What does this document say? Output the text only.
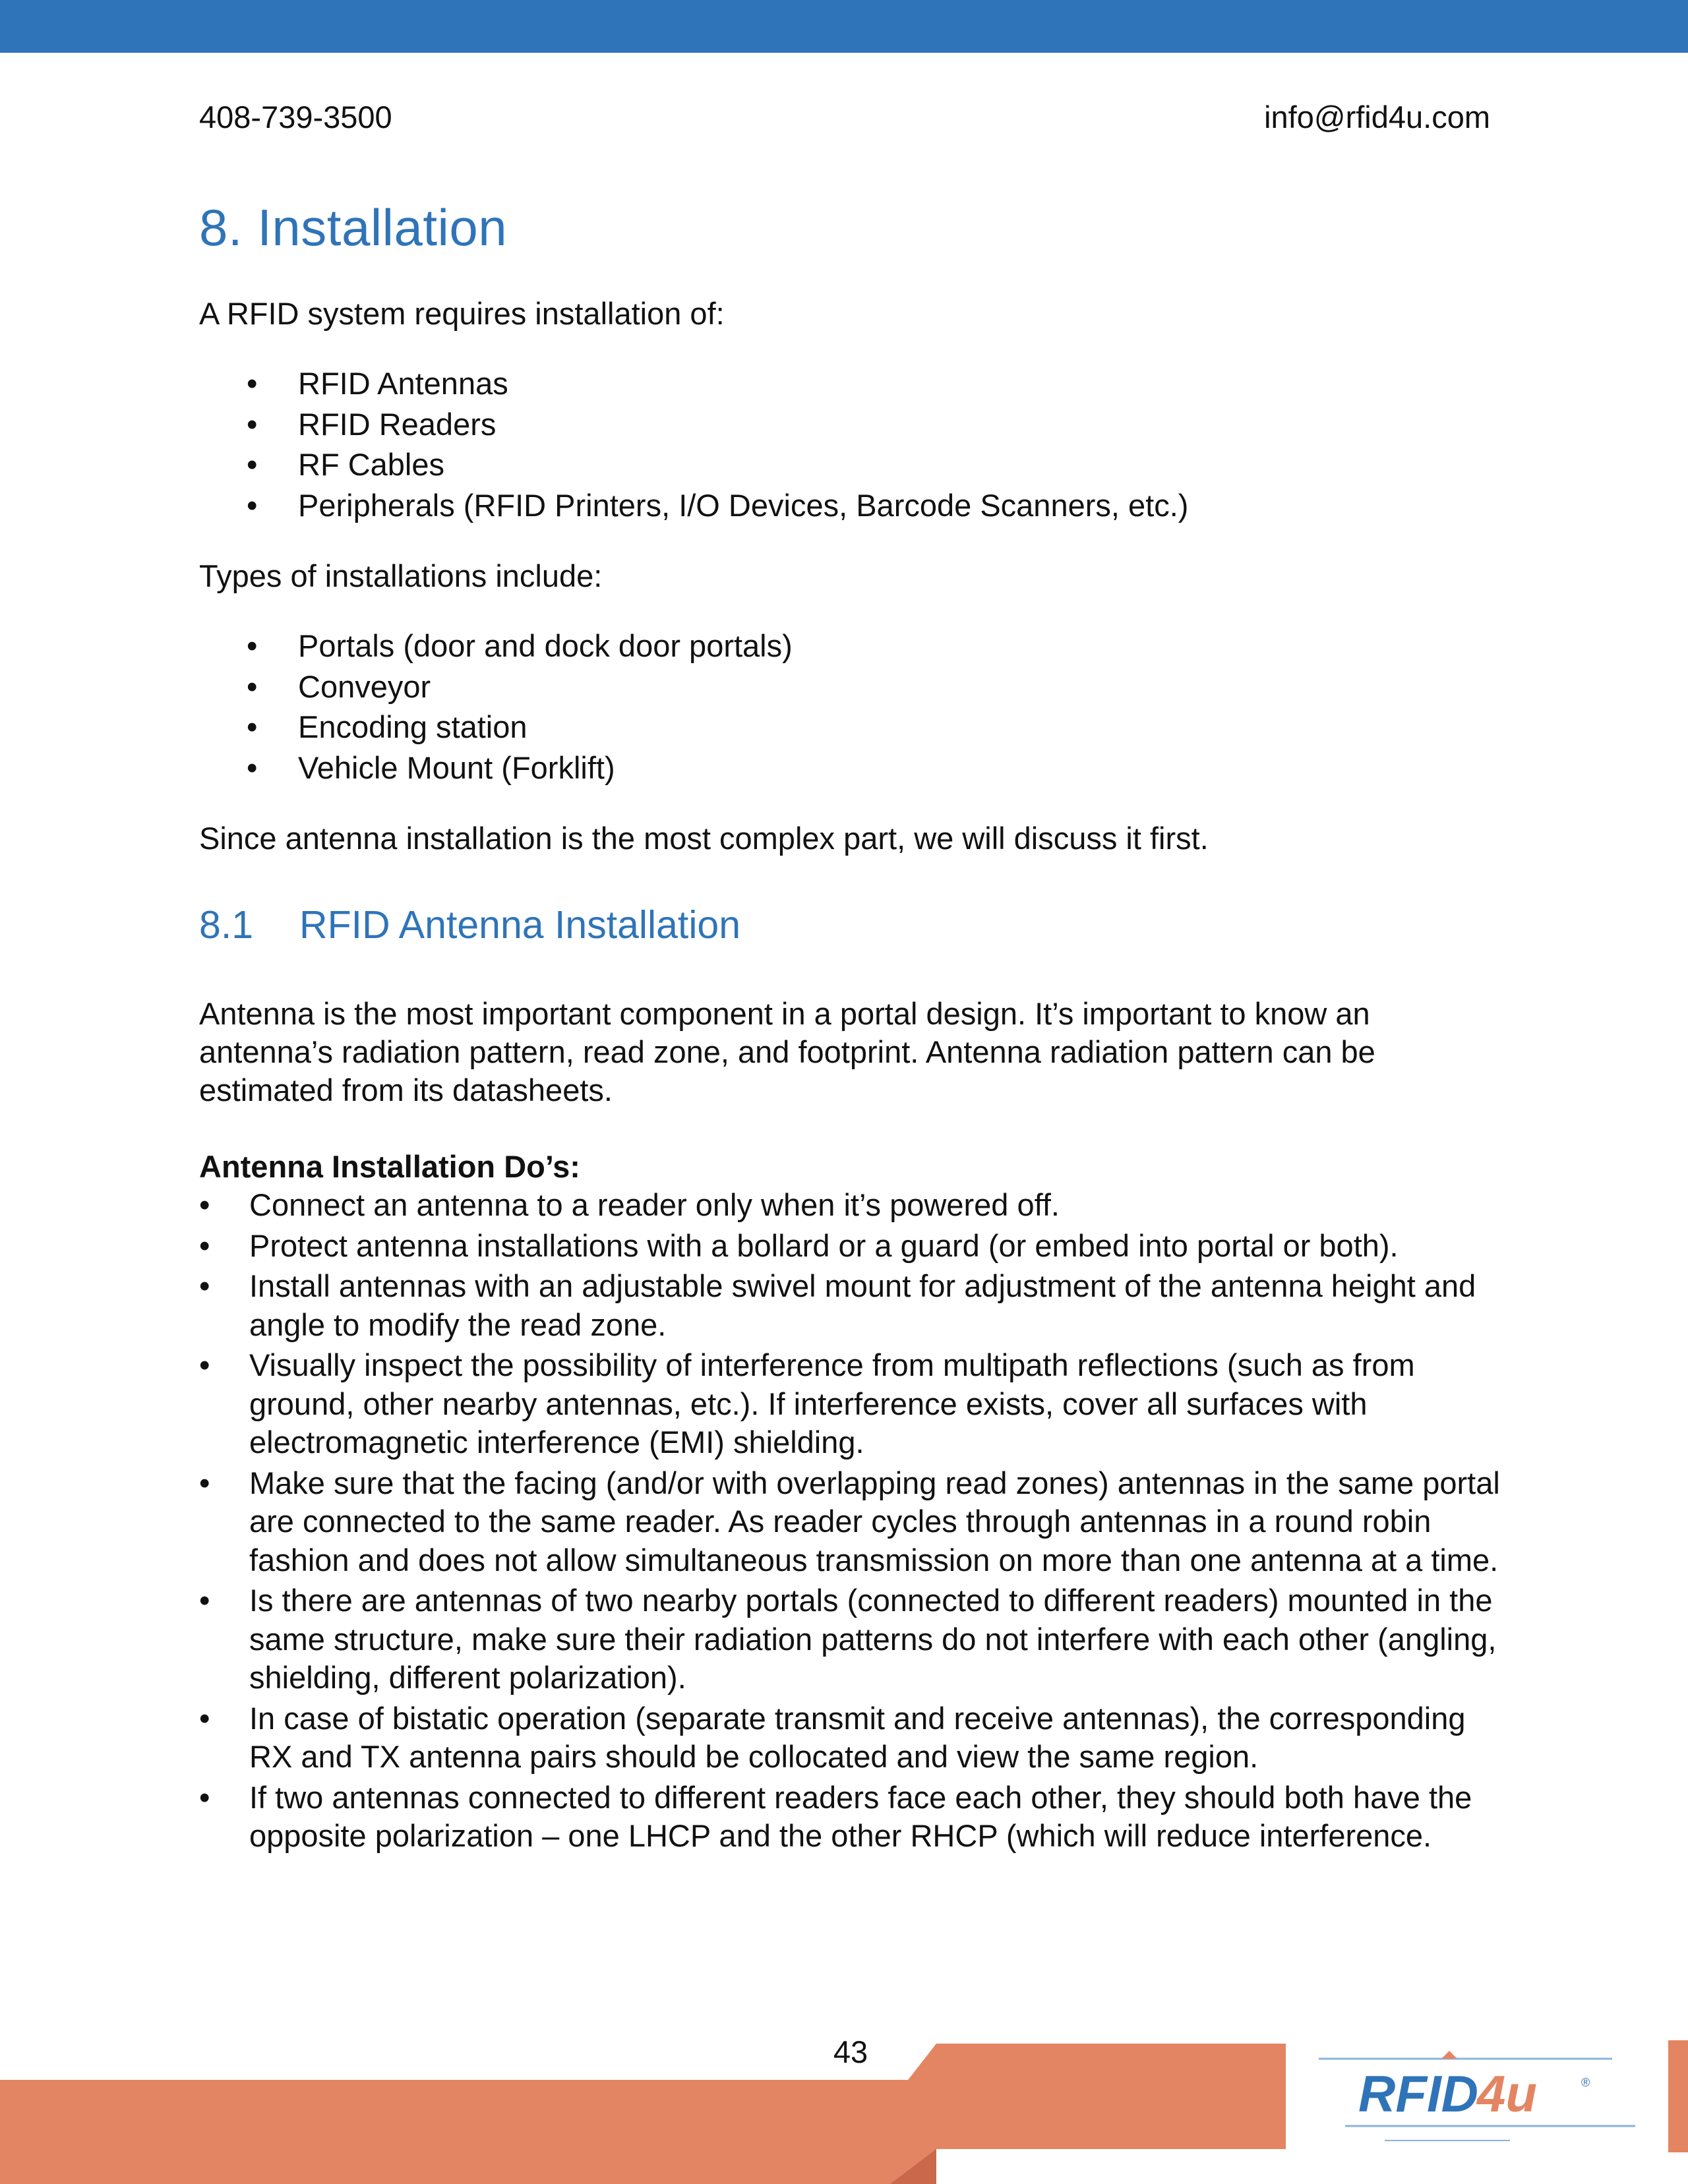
408-739-3500	info@rfid4u.com
8. Installation

A RFID system requires installation of:

• RFID Antennas
• RFID Readers
• RF Cables
• Peripherals (RFID Printers, I/O Devices, Barcode Scanners, etc.)

Types of installations include:

• Portals (door and dock door portals)
• Conveyor
• Encoding station
• Vehicle Mount (Forklift)

Since antenna installation is the most complex part, we will discuss it first.

8.1 RFID Antenna Installation

Antenna is the most important component in a portal design. It’s important to know an antenna’s radiation pattern, read zone, and footprint. Antenna radiation pattern can be estimated from its datasheets.

Antenna Installation Do’s:

• Connect an antenna to a reader only when it’s powered off.
• Protect antenna installations with a bollard or a guard (or embed into portal or both).
• Install antennas with an adjustable swivel mount for adjustment of the antenna height and angle to modify the read zone.
• Visually inspect the possibility of interference from multipath reflections (such as from ground, other nearby antennas, etc.). If interference exists, cover all surfaces with electromagnetic interference (EMI) shielding.
• Make sure that the facing (and/or with overlapping read zones) antennas in the same portal are connected to the same reader. As reader cycles through antennas in a round robin fashion and does not allow simultaneous transmission on more than one antenna at a time.
• Is there are antennas of two nearby portals (connected to different readers) mounted in the same structure, make sure their radiation patterns do not interfere with each other (angling, shielding, different polarization).
• In case of bistatic operation (separate transmit and receive antennas), the corresponding RX and TX antenna pairs should be collocated and view the same region.
• If two antennas connected to different readers face each other, they should both have the opposite polarization – one LHCP and the other RHCP (which will reduce interference.
43
RFID
4u	®
